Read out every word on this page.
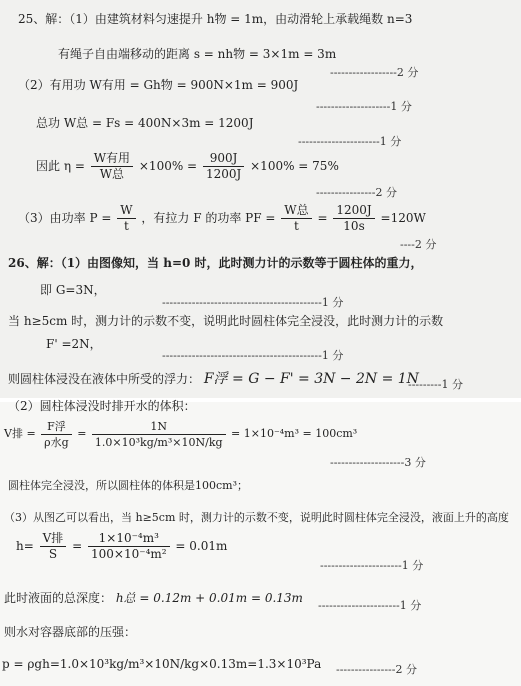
25、解：（1）由建筑材料匀速提升 h物 = 1m，由动滑轮上承载绳数 n=3
有绳子自由端移动的距离 s = nh物 = 3×1m = 3m
------------------2 分
（2）有用功 W有用 = Gh物 = 900N×1m = 900J
--------------------1 分
总功 W总 = Fs = 400N×3m = 1200J
----------------------1 分
因此 $\eta = \frac{\text{W有用}}{\text{W总}} \times 100\% = \frac{900J}{1200J} \times 100\% = 75\%$
----------------2 分
（3）由功率 $P = \frac{W}{t}$ ，有拉力 F 的功率 PF = $\frac{\text{W总}}{t} = \frac{1200J}{10s} =120W$
----2 分
26、解：（1）由图像知，当 h=0 时，此时测力计的示数等于圆柱体的重力，
即 G=3N，
-------------------------------------------1 分
当 h≥5cm 时，测力计的示数不变，说明此时圆柱体完全浸没，此时测力计的示数
F' =2N，
-------------------------------------------1 分
则圆柱体浸没在液体中所受的浮力： F浮 = G − F' = 3N − 2N = 1N
---------1 分
（2）圆柱体浸没时排开水的体积：
V排 = $\frac{\text{F浮}}{\text{ρ水g}} = \frac{1N}{\text{1.0×10³kg/m³×10N/kg}} = 1\times 10^{-4}m^3 = 100cm^3$
--------------------3 分
圆柱体完全浸没，所以圆柱体的体积是100cm³；
（3）从图乙可以看出，当 h≥5cm 时，测力计的示数不变，说明此时圆柱体完全浸没，液面上升的高度
$h= \frac{\text{V排}}{S} = \frac{\text{1×10⁻⁴m³}}{\text{100×10⁻⁴m²}} = 0.01m$
----------------------1 分
此时液面的总深度： h总 = 0.12m + 0.01m = 0.13m
----------------------1 分
则水对容器底部的压强：
p = ρgh=1.0×10³kg/m³×10N/kg×0.13m=1.3×10³Pa ----------------2 分
